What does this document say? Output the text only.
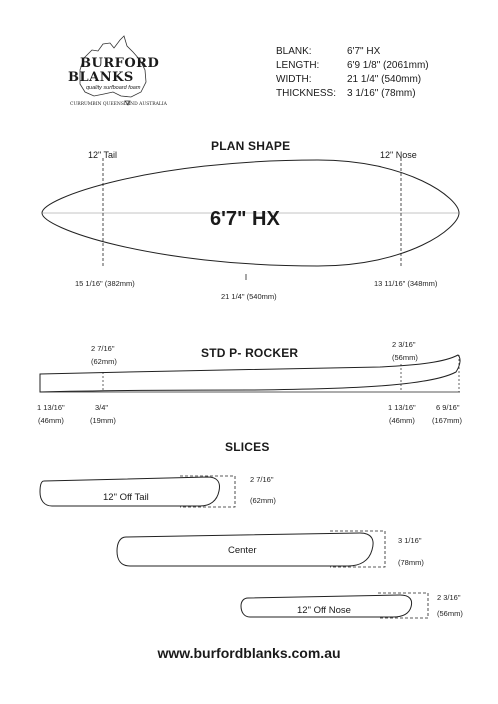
BURFORD
BLANKS
quality surfboard foam
CURRUMBIN QUEENSLAND AUSTRALIA
BLANK:	6'7" HX
LENGTH:	6'9 1/8" (2061mm)
WIDTH:	21 1/4" (540mm)
THICKNESS: 3 1/16" (78mm)
PLAN SHAPE
12" Tail	12" Nose
6'7" HX
15 1/16" (382mm)
21 1/4" (540mm)
13 11/16" (348mm)
STD P- ROCKER
2 7/16"
(62mm)
2 3/16"
(56mm)
1 13/16"
(46mm)
3/4"
(19mm)
1 13/16"
(46mm)
6 9/16"
(167mm)
SLICES
12" Off Tail
2 7/16"
(62mm)
Center
3 1/16"
(78mm)
12" Off Nose
2 3/16"
(56mm)
www.burfordblanks.com.au
